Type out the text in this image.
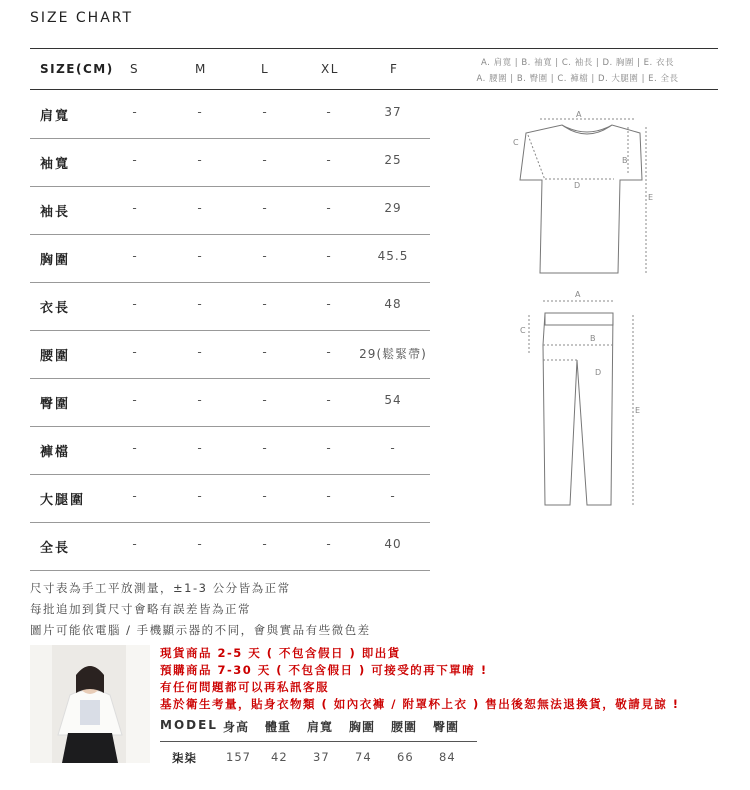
SIZE CHART
SIZE(CM) S	M	L	XL	F	A. 肩寬 | B. 袖寬 | C. 袖長 | D. 胸圍 | E. 衣長
A. 腰圍 | B. 臀圍 | C. 褲檔 | D. 大腿圍 | E. 全長
肩寬	-	-	-	-	37
袖寬	-	-	-	-	25
袖長	-	-	-	-	29
胸圍	-	-	-	-	45.5
衣長	-	-	-	-	48
腰圍	-	-	-	-	29(鬆緊帶)
臀圍	-	-	-	-	54
褲檔	-	-	-	-	-
大腿圍	-	-	-	-	-
全長	-	-	-	-	40
A
B
C
D
E
A
B
C
D
E
尺寸表為手工平放測量，±1-3 公分皆為正常
每批追加到貨尺寸會略有誤差皆為正常
圖片可能依電腦 / 手機顯示器的不同，會與實品有些微色差
現貨商品 2-5 天 ( 不包含假日 ) 即出貨
預購商品 7-30 天 ( 不包含假日 ) 可接受的再下單唷 !
有任何問題都可以再私訊客服
基於衛生考量，貼身衣物類 ( 如內衣褲 / 附罩杯上衣 ) 售出後恕無法退換貨，敬請見諒 !
MODEL 身高 體重 肩寬 胸圍 腰圍 臀圍
柒柒	157 42 37 74 66 84
